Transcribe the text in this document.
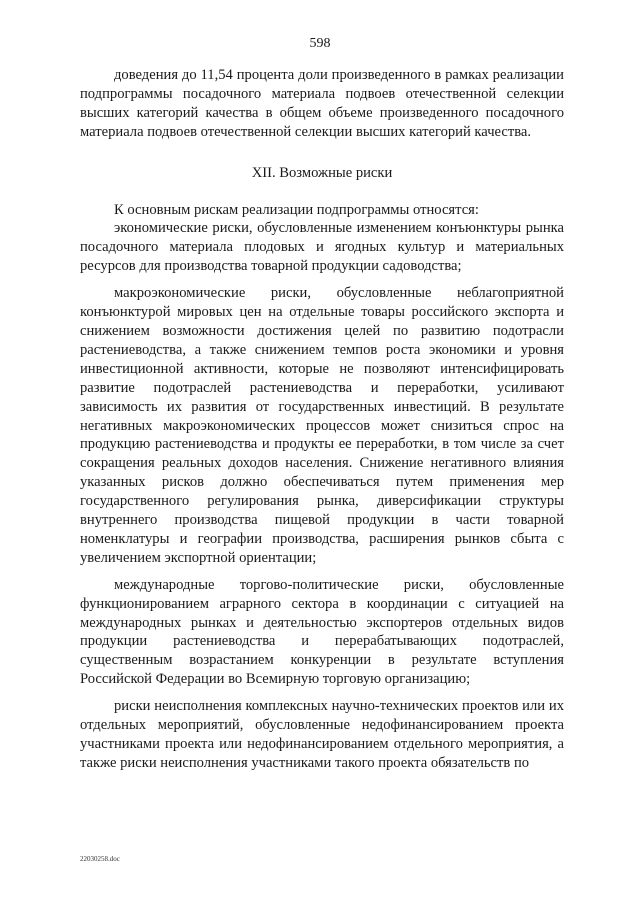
598

доведения до 11,54 процента доли произведенного в рамках реализации подпрограммы посадочного материала подвоев отечественной селекции высших категорий качества в общем объеме произведенного посадочного материала подвоев отечественной селекции высших категорий качества.

XII. Возможные риски

К основным рискам реализации подпрограммы относятся:

экономические риски, обусловленные изменением конъюнктуры рынка посадочного материала плодовых и ягодных культур и материальных ресурсов для производства товарной продукции садоводства;

макроэкономические риски, обусловленные неблагоприятной конъюнктурой мировых цен на отдельные товары российского экспорта и снижением возможности достижения целей по развитию подотрасли растениеводства, а также снижением темпов роста экономики и уровня инвестиционной активности, которые не позволяют интенсифицировать развитие подотраслей растениеводства и переработки, усиливают зависимость их развития от государственных инвестиций. В результате негативных макроэкономических процессов может снизиться спрос на продукцию растениеводства и продукты ее переработки, в том числе за счет сокращения реальных доходов населения. Снижение негативного влияния указанных рисков должно обеспечиваться путем применения мер государственного регулирования рынка, диверсификации структуры внутреннего производства пищевой продукции в части товарной номенклатуры и географии производства, расширения рынков сбыта с увеличением экспортной ориентации;

международные торгово-политические риски, обусловленные функционированием аграрного сектора в координации с ситуацией на международных рынках и деятельностью экспортеров отдельных видов продукции растениеводства и перерабатывающих подотраслей, существенным возрастанием конкуренции в результате вступления Российской Федерации во Всемирную торговую организацию;

риски неисполнения комплексных научно-технических проектов или их отдельных мероприятий, обусловленные недофинансированием проекта участниками проекта или недофинансированием отдельного мероприятия, а также риски неисполнения участниками такого проекта обязательств по

22030258.doc
